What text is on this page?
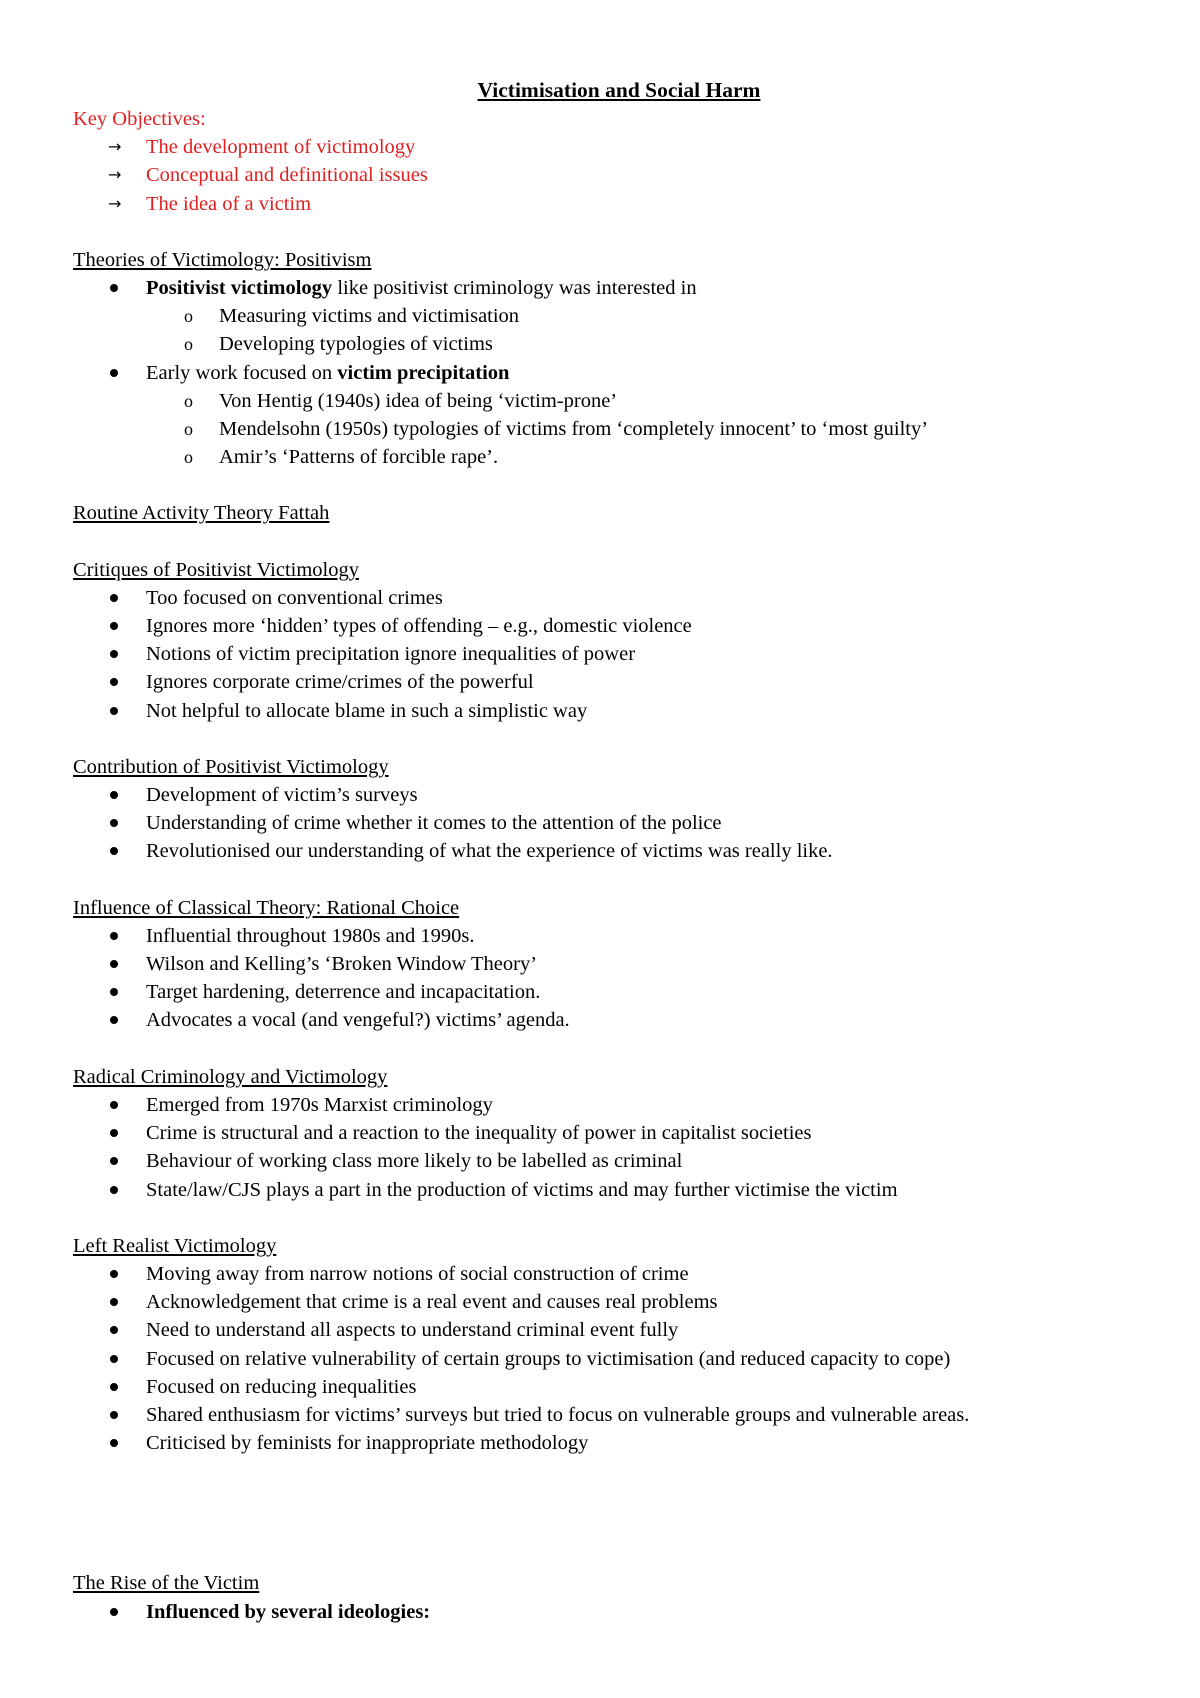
Victimisation and Social Harm
Key Objectives:
→ The development of victimology
→ Conceptual and definitional issues
→ The idea of a victim
Theories of Victimology: Positivism
Positivist victimology like positivist criminology was interested in
o Measuring victims and victimisation
o Developing typologies of victims
Early work focused on victim precipitation
o Von Hentig (1940s) idea of being ‘victim-prone’
o Mendelsohn (1950s) typologies of victims from ‘completely innocent’ to ‘most guilty’
o Amir’s ‘Patterns of forcible rape’.
Routine Activity Theory Fattah
Critiques of Positivist Victimology
Too focused on conventional crimes
Ignores more ‘hidden’ types of offending – e.g., domestic violence
Notions of victim precipitation ignore inequalities of power
Ignores corporate crime/crimes of the powerful
Not helpful to allocate blame in such a simplistic way
Contribution of Positivist Victimology
Development of victim’s surveys
Understanding of crime whether it comes to the attention of the police
Revolutionised our understanding of what the experience of victims was really like.
Influence of Classical Theory: Rational Choice
Influential throughout 1980s and 1990s.
Wilson and Kelling’s ‘Broken Window Theory’
Target hardening, deterrence and incapacitation.
Advocates a vocal (and vengeful?) victims’ agenda.
Radical Criminology and Victimology
Emerged from 1970s Marxist criminology
Crime is structural and a reaction to the inequality of power in capitalist societies
Behaviour of working class more likely to be labelled as criminal
State/law/CJS plays a part in the production of victims and may further victimise the victim
Left Realist Victimology
Moving away from narrow notions of social construction of crime
Acknowledgement that crime is a real event and causes real problems
Need to understand all aspects to understand criminal event fully
Focused on relative vulnerability of certain groups to victimisation (and reduced capacity to cope)
Focused on reducing inequalities
Shared enthusiasm for victims’ surveys but tried to focus on vulnerable groups and vulnerable areas.
Criticised by feminists for inappropriate methodology
The Rise of the Victim
Influenced by several ideologies:
